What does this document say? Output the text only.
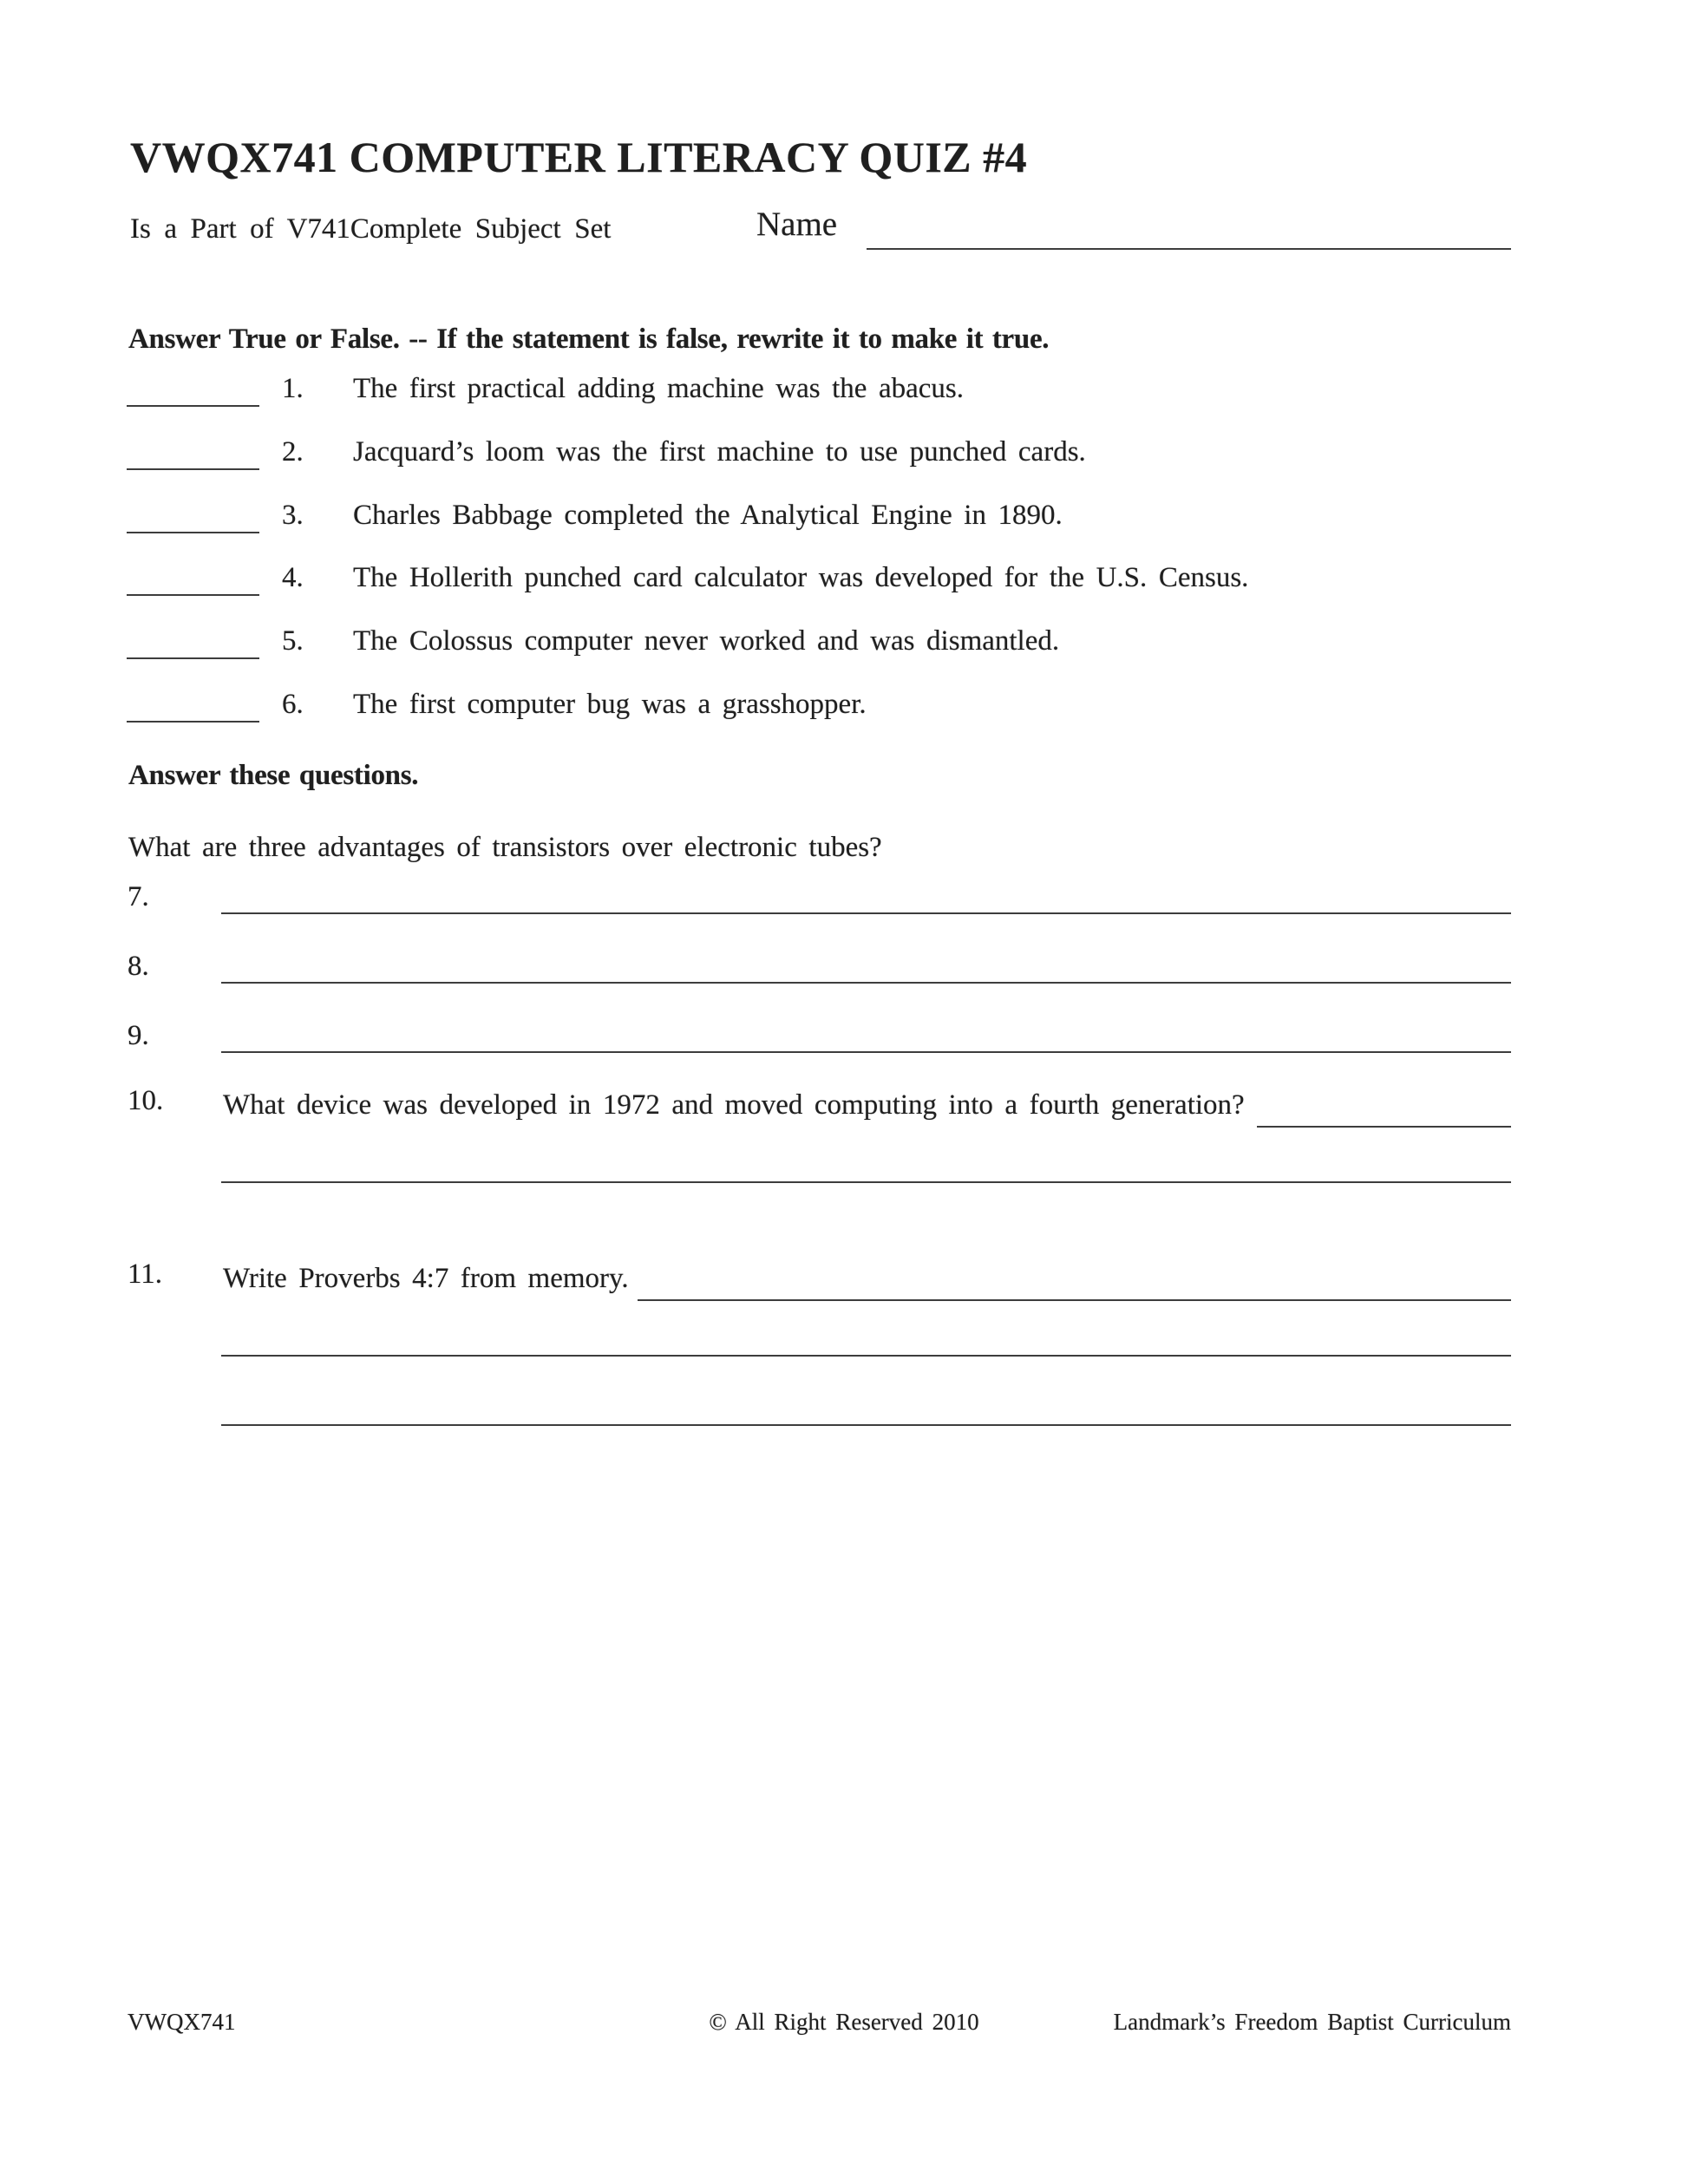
VWQX741 COMPUTER LITERACY QUIZ #4
Is a Part of V741Complete Subject Set	Name
Answer True or False. -- If the statement is false, rewrite it to make it true.
1. The first practical adding machine was the abacus.
2. Jacquard’s loom was the first machine to use punched cards.
3. Charles Babbage completed the Analytical Engine in 1890.
4. The Hollerith punched card calculator was developed for the U.S. Census.
5. The Colossus computer never worked and was dismantled.
6. The first computer bug was a grasshopper.
Answer these questions.
What are three advantages of transistors over electronic tubes?
7.
8.
9.
10. What device was developed in 1972 and moved computing into a fourth generation?
11. Write Proverbs 4:7 from memory.
VWQX741	© All Right Reserved 2010	Landmark’s Freedom Baptist Curriculum
